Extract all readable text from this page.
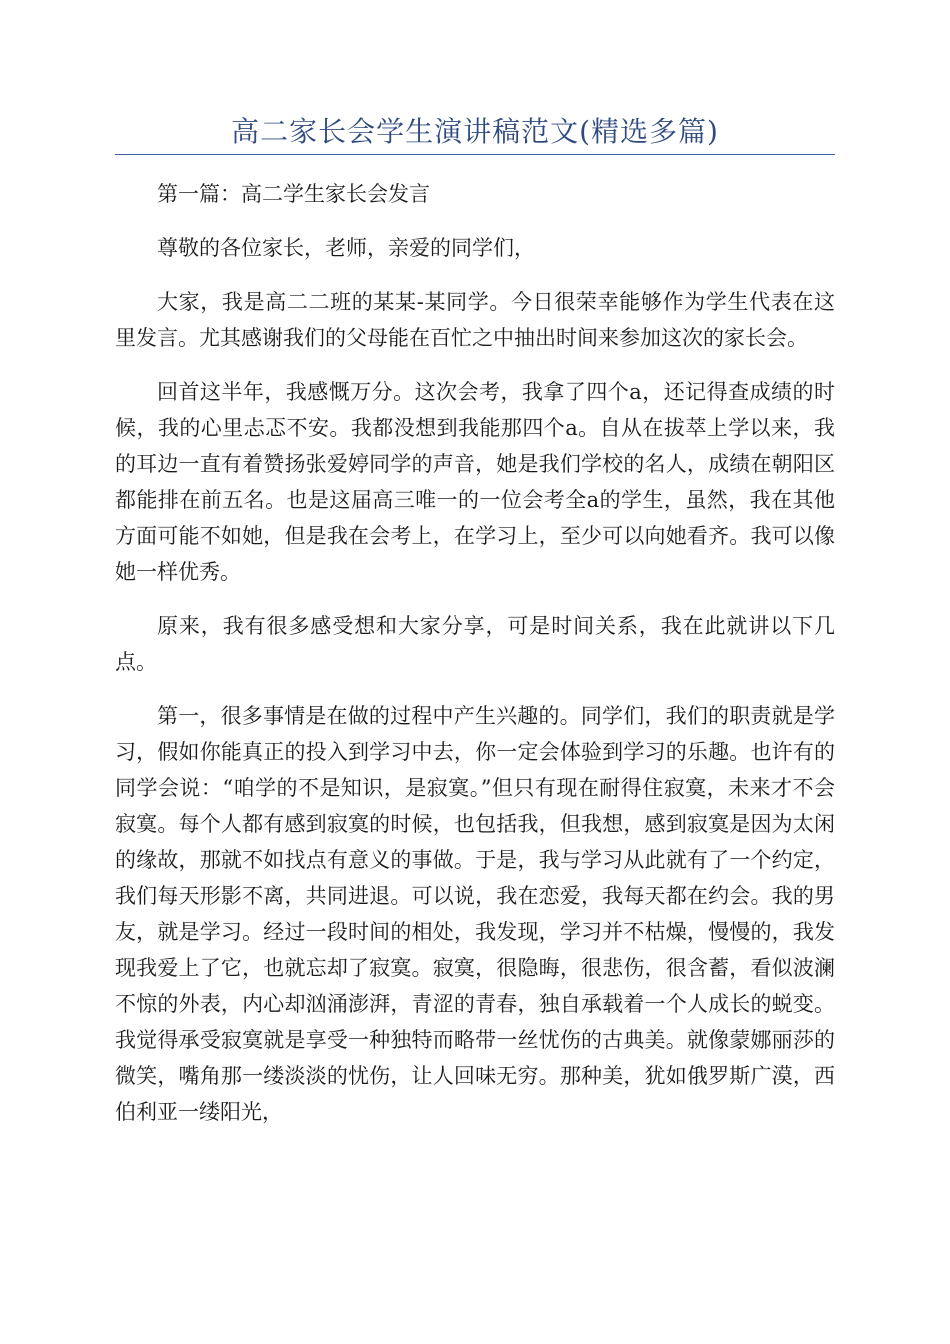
高二家长会学生演讲稿范文(精选多篇)

第一篇：高二学生家长会发言

尊敬的各位家长，老师，亲爱的同学们，

大家，我是高二二班的某某-某同学。今日很荣幸能够作为学生代表在这里发言。尤其感谢我们的父母能在百忙之中抽出时间来参加这次的家长会。

回首这半年，我感慨万分。这次会考，我拿了四个a，还记得查成绩的时候，我的心里忐忑不安。我都没想到我能那四个a。自从在拔萃上学以来，我的耳边一直有着赞扬张爱婷同学的声音，她是我们学校的名人，成绩在朝阳区都能排在前五名。也是这届高三唯一的一位会考全a的学生，虽然，我在其他方面可能不如她，但是我在会考上，在学习上，至少可以向她看齐。我可以像她一样优秀。

原来，我有很多感受想和大家分享，可是时间关系，我在此就讲以下几点。

第一，很多事情是在做的过程中产生兴趣的。同学们，我们的职责就是学习，假如你能真正的投入到学习中去，你一定会体验到学习的乐趣。也许有的同学会说：“咱学的不是知识，是寂寞。”但只有现在耐得住寂寞，未来才不会寂寞。每个人都有感到寂寞的时候，也包括我，但我想，感到寂寞是因为太闲的缘故，那就不如找点有意义的事做。于是，我与学习从此就有了一个约定，我们每天形影不离，共同进退。可以说，我在恋爱，我每天都在约会。我的男友，就是学习。经过一段时间的相处，我发现，学习并不枯燥，慢慢的，我发现我爱上了它，也就忘却了寂寞。寂寞，很隐晦，很悲伤，很含蓄，看似波澜不惊的外表，内心却汹涌澎湃，青涩的青春，独自承载着一个人成长的蜕变。我觉得承受寂寞就是享受一种独特而略带一丝忧伤的古典美。就像蒙娜丽莎的微笑，嘴角那一缕淡淡的忧伤，让人回味无穷。那种美，犹如俄罗斯广漠，西伯利亚一缕阳光，
